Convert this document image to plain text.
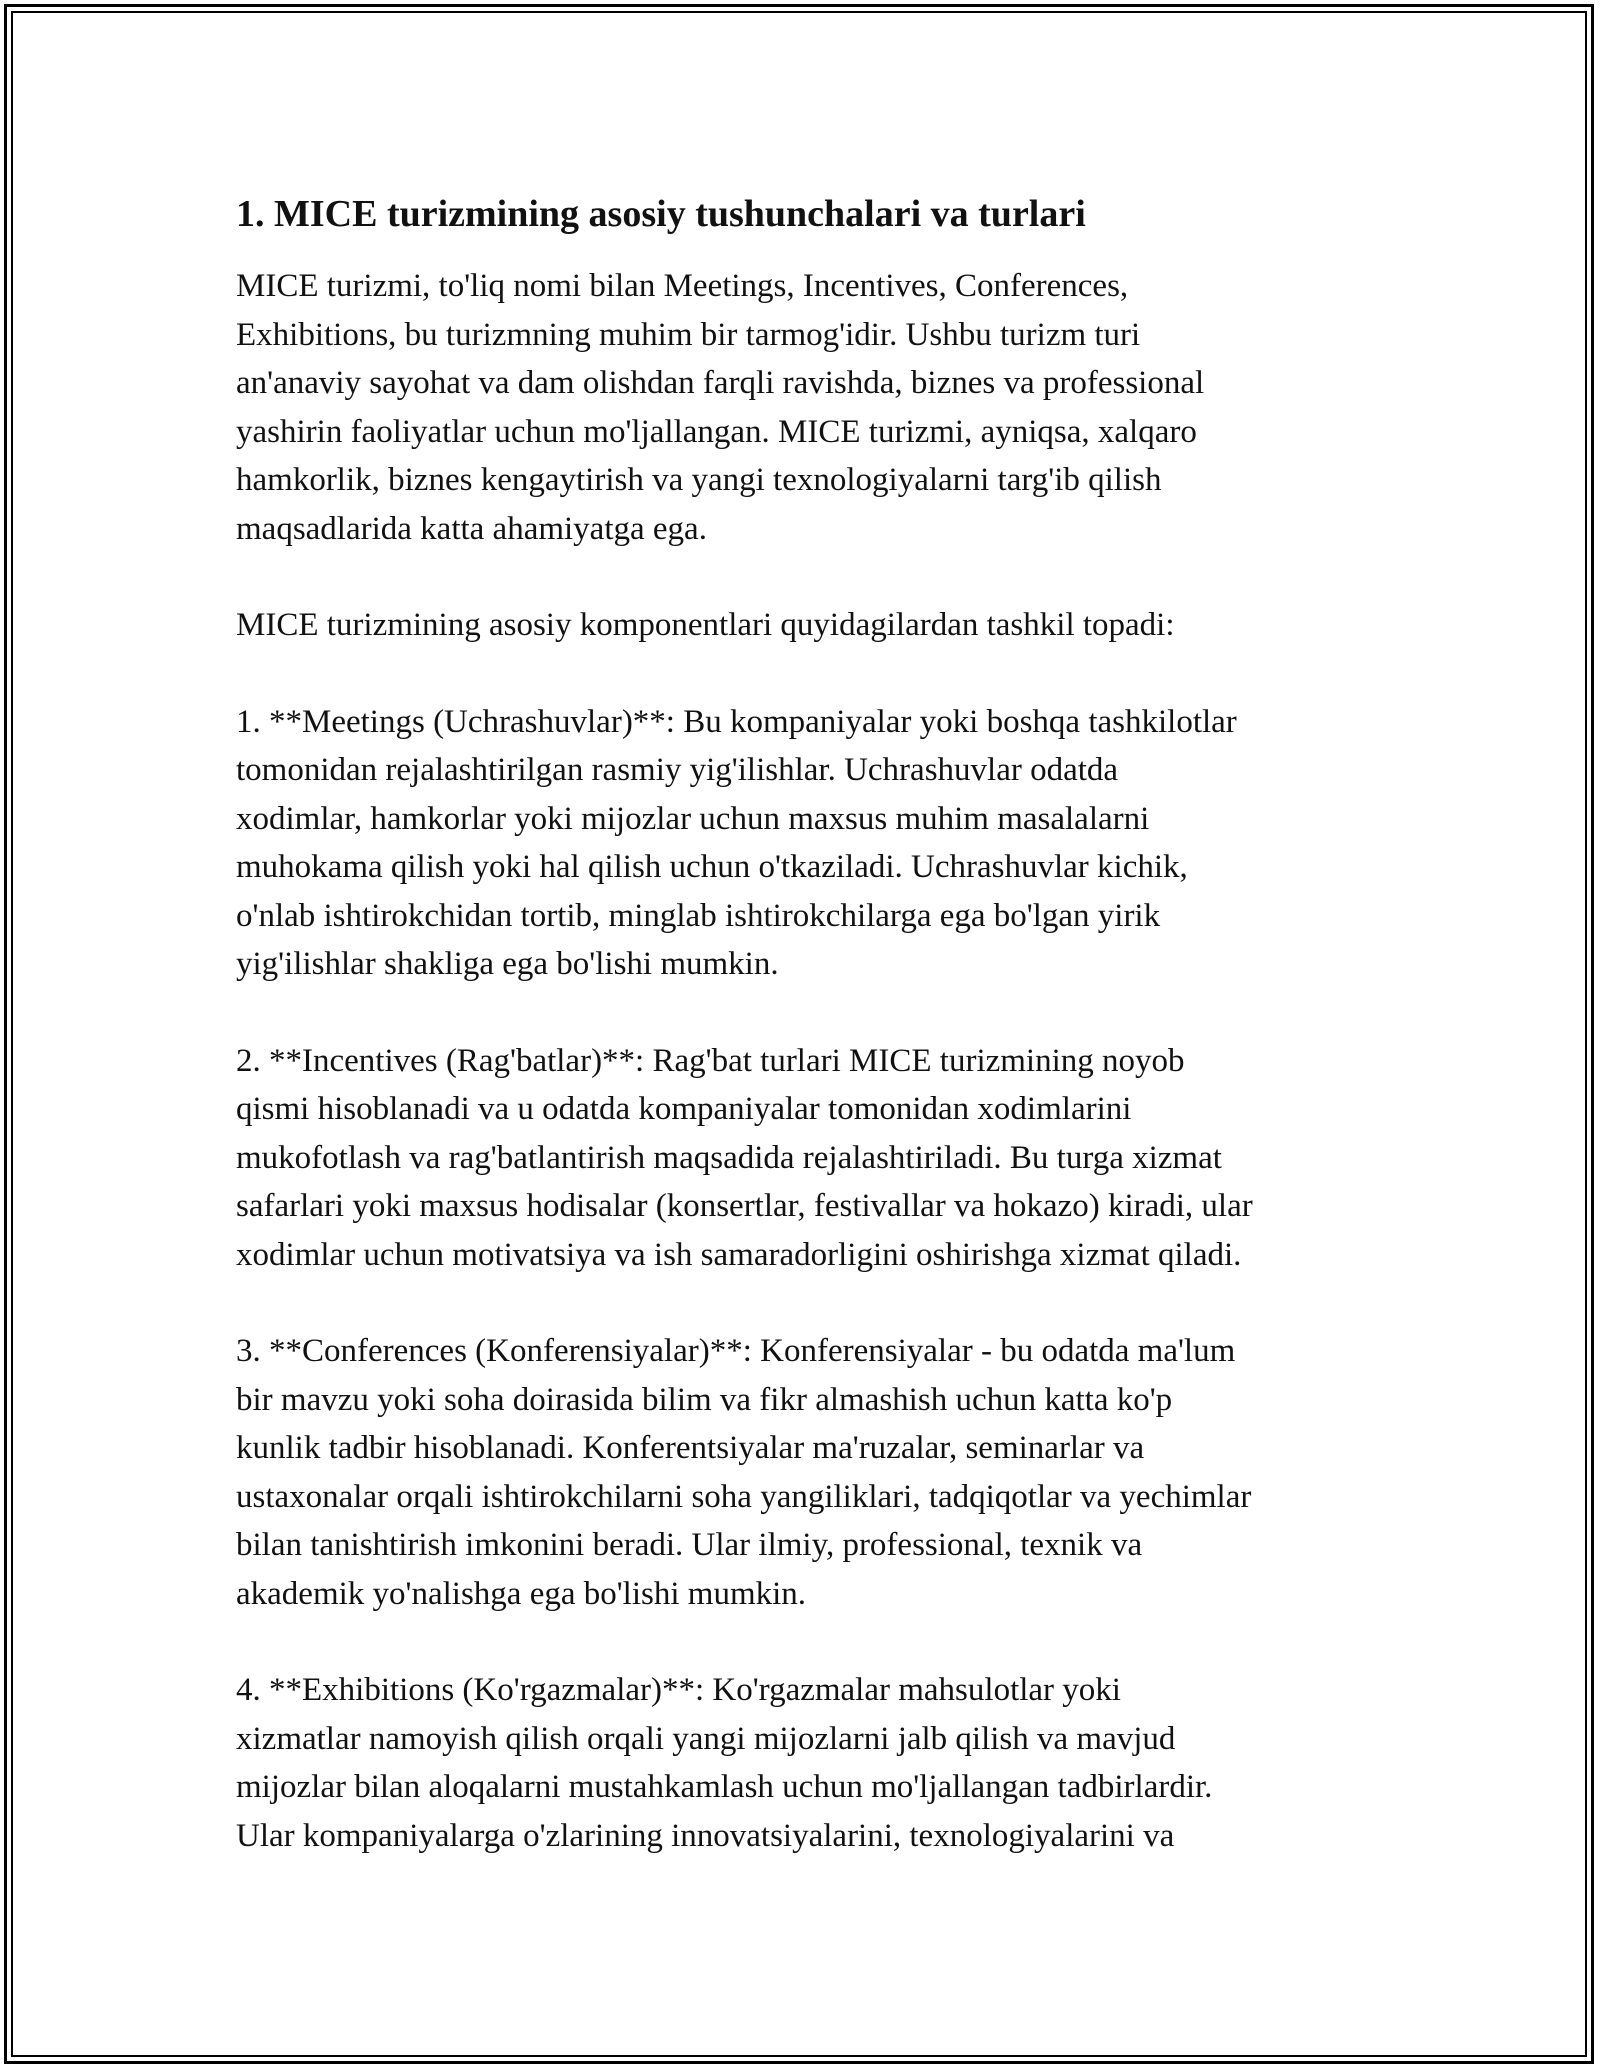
1. MICE turizmining asosiy tushunchalari va turlari

MICE turizmi, to'liq nomi bilan Meetings, Incentives, Conferences,
Exhibitions, bu turizmning muhim bir tarmog'idir. Ushbu turizm turi
an'anaviy sayohat va dam olishdan farqli ravishda, biznes va professional
yashirin faoliyatlar uchun mo'ljallangan. MICE turizmi, ayniqsa, xalqaro
hamkorlik, biznes kengaytirish va yangi texnologiyalarni targ'ib qilish
maqsadlarida katta ahamiyatga ega.

MICE turizmining asosiy komponentlari quyidagilardan tashkil topadi:

1. **Meetings (Uchrashuvlar)**: Bu kompaniyalar yoki boshqa tashkilotlar
tomonidan rejalashtirilgan rasmiy yig'ilishlar. Uchrashuvlar odatda
xodimlar, hamkorlar yoki mijozlar uchun maxsus muhim masalalarni
muhokama qilish yoki hal qilish uchun o'tkaziladi. Uchrashuvlar kichik,
o'nlab ishtirokchidan tortib, minglab ishtirokchilarga ega bo'lgan yirik
yig'ilishlar shakliga ega bo'lishi mumkin.

2. **Incentives (Rag'batlar)**: Rag'bat turlari MICE turizmining noyob
qismi hisoblanadi va u odatda kompaniyalar tomonidan xodimlarini
mukofotlash va rag'batlantirish maqsadida rejalashtiriladi. Bu turga xizmat
safarlari yoki maxsus hodisalar (konsertlar, festivallar va hokazo) kiradi, ular
xodimlar uchun motivatsiya va ish samaradorligini oshirishga xizmat qiladi.

3. **Conferences (Konferensiyalar)**: Konferensiyalar - bu odatda ma'lum
bir mavzu yoki soha doirasida bilim va fikr almashish uchun katta ko'p
kunlik tadbir hisoblanadi. Konferentsiyalar ma'ruzalar, seminarlar va
ustaxonalar orqali ishtirokchilarni soha yangiliklari, tadqiqotlar va yechimlar
bilan tanishtirish imkonini beradi. Ular ilmiy, professional, texnik va
akademik yo'nalishga ega bo'lishi mumkin.

4. **Exhibitions (Ko'rgazmalar)**: Ko'rgazmalar mahsulotlar yoki
xizmatlar namoyish qilish orqali yangi mijozlarni jalb qilish va mavjud
mijozlar bilan aloqalarni mustahkamlash uchun mo'ljallangan tadbirlardir.
Ular kompaniyalarga o'zlarining innovatsiyalarini, texnologiyalarini va
